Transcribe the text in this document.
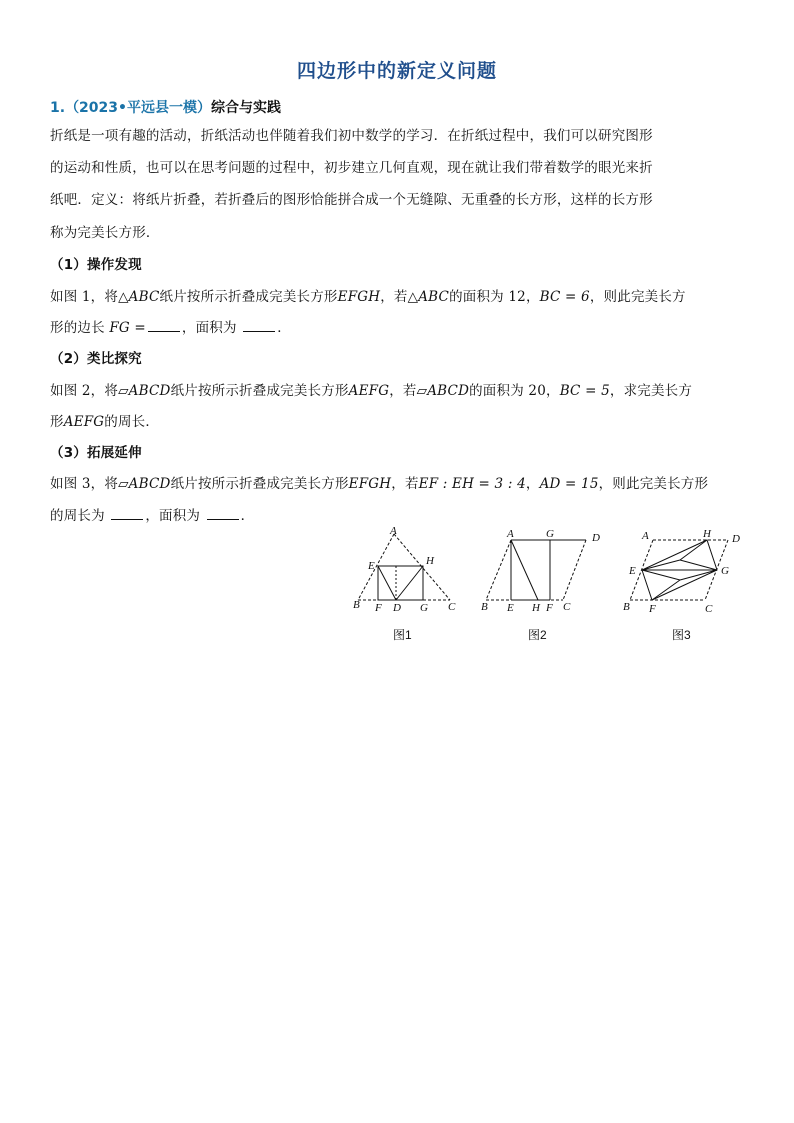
四边形中的新定义问题
1.（2023•平远县一模）综合与实践
折纸是一项有趣的活动，折纸活动也伴随着我们初中数学的学习．在折纸过程中，我们可以研究图形
的运动和性质，也可以在思考问题的过程中，初步建立几何直观，现在就让我们带着数学的眼光来折
纸吧．定义：将纸片折叠，若折叠后的图形恰能拼合成一个无缝隙、无重叠的长方形，这样的长方形
称为完美长方形．
（1）操作发现
如图 1，将△ABC纸片按所示折叠成完美长方形EFGH，若△ABC的面积为 12，BC = 6，则此完美长方
形的边长 FG =	，面积为	．
（2）类比探究
如图 2，将▱ABCD纸片按所示折叠成完美长方形AEFG，若▱ABCD的面积为 20，BC = 5，求完美长方
形AEFG的周长．
（3）拓展延伸
如图 3，将▱ABCD纸片按所示折叠成完美长方形EFGH，若EF : EH = 3 : 4，AD = 15，则此完美长方形
的周长为	，面积为	．
A
E	H
B F D G C
图1
A	G	D
B E H F C
图2
A	H D
E	G
B F	C
图3
